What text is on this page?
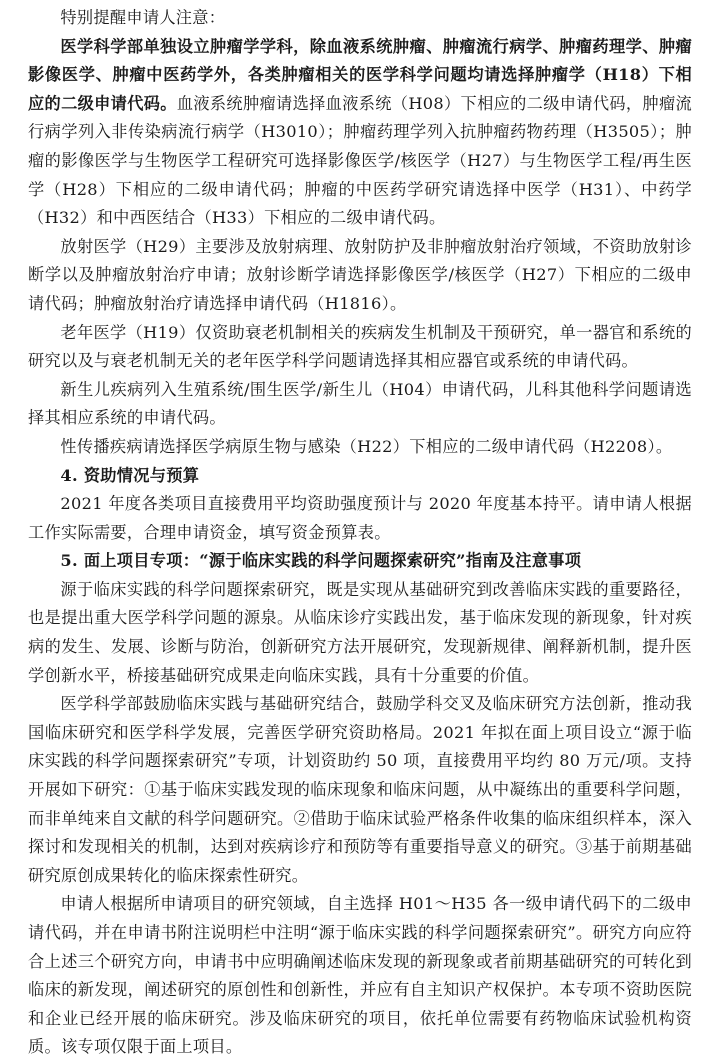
特别提醒申请人注意：

医学科学部单独设立肿瘤学学科，除血液系统肿瘤、肿瘤流行病学、肿瘤药理学、肿瘤影像医学、肿瘤中医药学外，各类肿瘤相关的医学科学问题均请选择肿瘤学（H18）下相应的二级申请代码。血液系统肿瘤请选择血液系统（H08）下相应的二级申请代码，肿瘤流行病学列入非传染病流行病学（H3010）；肿瘤药理学列入抗肿瘤药物药理（H3505）；肿瘤的影像医学与生物医学工程研究可选择影像医学/核医学（H27）与生物医学工程/再生医学（H28）下相应的二级申请代码；肿瘤的中医药学研究请选择中医学（H31）、中药学（H32）和中西医结合（H33）下相应的二级申请代码。

放射医学（H29）主要涉及放射病理、放射防护及非肿瘤放射治疗领域，不资助放射诊断学以及肿瘤放射治疗申请；放射诊断学请选择影像医学/核医学（H27）下相应的二级申请代码；肿瘤放射治疗请选择申请代码（H1816）。

老年医学（H19）仅资助衰老机制相关的疾病发生机制及干预研究，单一器官和系统的研究以及与衰老机制无关的老年医学科学问题请选择其相应器官或系统的申请代码。

新生儿疾病列入生殖系统/围生医学/新生儿（H04）申请代码，儿科其他科学问题请选择其相应系统的申请代码。

性传播疾病请选择医学病原生物与感染（H22）下相应的二级申请代码（H2208）。

4. 资助情况与预算

2021 年度各类项目直接费用平均资助强度预计与 2020 年度基本持平。请申请人根据工作实际需要，合理申请资金，填写资金预算表。

5. 面上项目专项：“源于临床实践的科学问题探索研究”指南及注意事项

源于临床实践的科学问题探索研究，既是实现从基础研究到改善临床实践的重要路径，也是提出重大医学科学问题的源泉。从临床诊疗实践出发，基于临床发现的新现象，针对疾病的发生、发展、诊断与防治，创新研究方法开展研究，发现新规律、阐释新机制，提升医学创新水平，桥接基础研究成果走向临床实践，具有十分重要的价值。

医学科学部鼓励临床实践与基础研究结合，鼓励学科交叉及临床研究方法创新，推动我国临床研究和医学科学发展，完善医学研究资助格局。2021 年拟在面上项目设立“源于临床实践的科学问题探索研究”专项，计划资助约 50 项，直接费用平均约 80 万元/项。支持开展如下研究：①基于临床实践发现的临床现象和临床问题，从中凝练出的重要科学问题，而非单纯来自文献的科学问题研究。②借助于临床试验严格条件收集的临床组织样本，深入探讨和发现相关的机制，达到对疾病诊疗和预防等有重要指导意义的研究。③基于前期基础研究原创成果转化的临床探索性研究。

申请人根据所申请项目的研究领域，自主选择 H01～H35 各一级申请代码下的二级申请代码，并在申请书附注说明栏中注明“源于临床实践的科学问题探索研究”。研究方向应符合上述三个研究方向，申请书中应明确阐述临床发现的新现象或者前期基础研究的可转化到临床的新发现，阐述研究的原创性和创新性，并应有自主知识产权保护。本专项不资助医院和企业已经开展的临床研究。涉及临床研究的项目，依托单位需要有药物临床试验机构资质。该专项仅限于面上项目。
